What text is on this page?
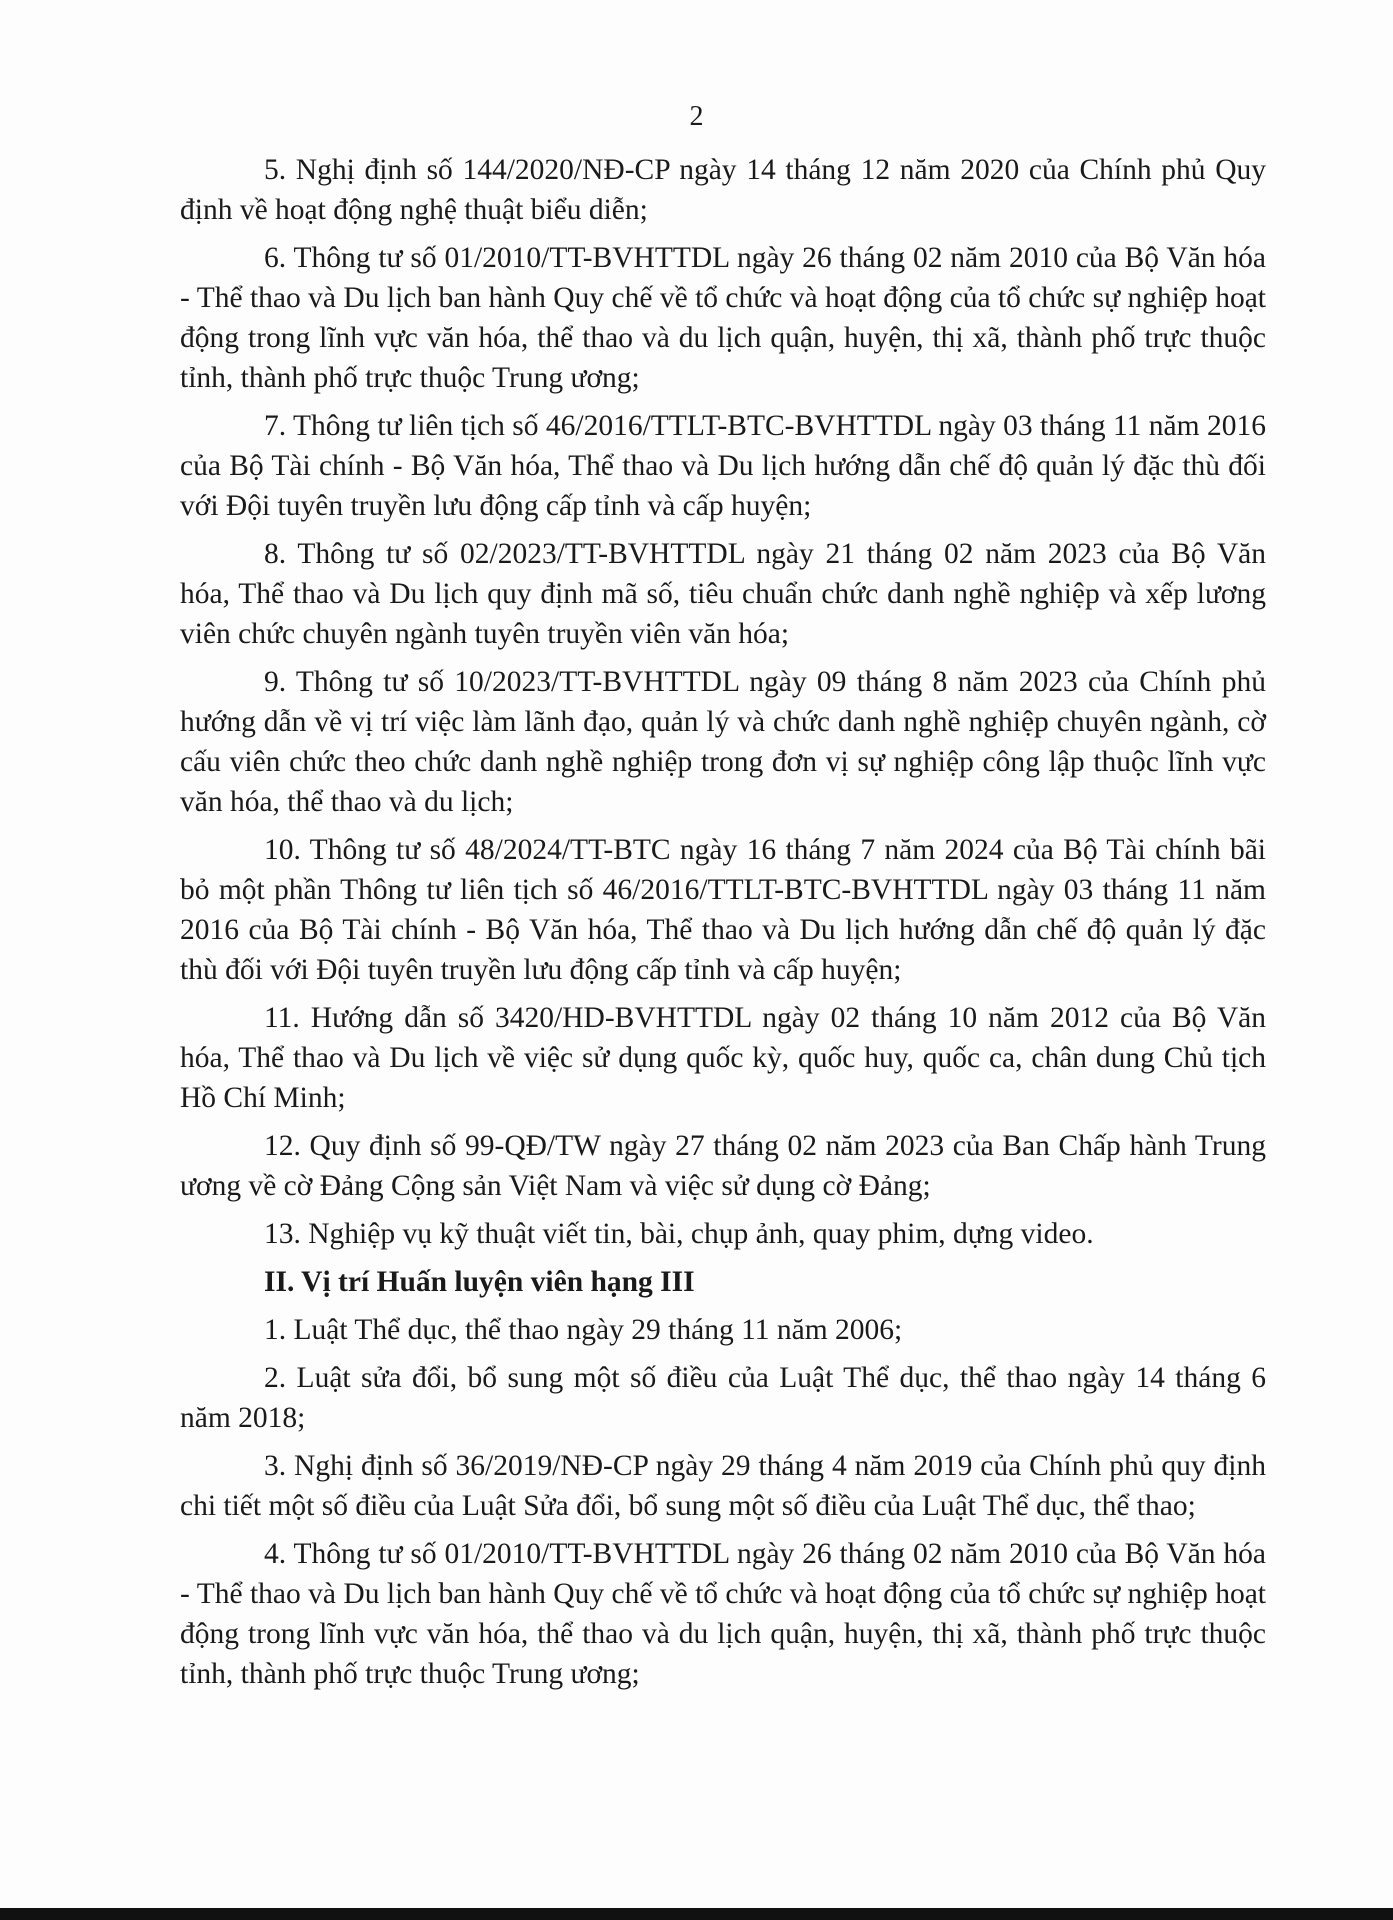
2

5. Nghị định số 144/2020/NĐ-CP ngày 14 tháng 12 năm 2020 của Chính phủ Quy định về hoạt động nghệ thuật biểu diễn;

6. Thông tư số 01/2010/TT-BVHTTDL ngày 26 tháng 02 năm 2010 của Bộ Văn hóa - Thể thao và Du lịch ban hành Quy chế về tổ chức và hoạt động của tổ chức sự nghiệp hoạt động trong lĩnh vực văn hóa, thể thao và du lịch quận, huyện, thị xã, thành phố trực thuộc tỉnh, thành phố trực thuộc Trung ương;

7. Thông tư liên tịch số 46/2016/TTLT-BTC-BVHTTDL ngày 03 tháng 11 năm 2016 của Bộ Tài chính - Bộ Văn hóa, Thể thao và Du lịch hướng dẫn chế độ quản lý đặc thù đối với Đội tuyên truyền lưu động cấp tỉnh và cấp huyện;

8. Thông tư số 02/2023/TT-BVHTTDL ngày 21 tháng 02 năm 2023 của Bộ Văn hóa, Thể thao và Du lịch quy định mã số, tiêu chuẩn chức danh nghề nghiệp và xếp lương viên chức chuyên ngành tuyên truyền viên văn hóa;

9. Thông tư số 10/2023/TT-BVHTTDL ngày 09 tháng 8 năm 2023 của Chính phủ hướng dẫn về vị trí việc làm lãnh đạo, quản lý và chức danh nghề nghiệp chuyên ngành, cờ cấu viên chức theo chức danh nghề nghiệp trong đơn vị sự nghiệp công lập thuộc lĩnh vực văn hóa, thể thao và du lịch;

10. Thông tư số 48/2024/TT-BTC ngày 16 tháng 7 năm 2024 của Bộ Tài chính bãi bỏ một phần Thông tư liên tịch số 46/2016/TTLT-BTC-BVHTTDL ngày 03 tháng 11 năm 2016 của Bộ Tài chính - Bộ Văn hóa, Thể thao và Du lịch hướng dẫn chế độ quản lý đặc thù đối với Đội tuyên truyền lưu động cấp tỉnh và cấp huyện;

11. Hướng dẫn số 3420/HD-BVHTTDL ngày 02 tháng 10 năm 2012 của Bộ Văn hóa, Thể thao và Du lịch về việc sử dụng quốc kỳ, quốc huy, quốc ca, chân dung Chủ tịch Hồ Chí Minh;

12. Quy định số 99-QĐ/TW ngày 27 tháng 02 năm 2023 của Ban Chấp hành Trung ương về cờ Đảng Cộng sản Việt Nam và việc sử dụng cờ Đảng;

13. Nghiệp vụ kỹ thuật viết tin, bài, chụp ảnh, quay phim, dựng video.

II. Vị trí Huấn luyện viên hạng III

1. Luật Thể dục, thể thao ngày 29 tháng 11 năm 2006;

2. Luật sửa đổi, bổ sung một số điều của Luật Thể dục, thể thao ngày 14 tháng 6 năm 2018;

3. Nghị định số 36/2019/NĐ-CP ngày 29 tháng 4 năm 2019 của Chính phủ quy định chi tiết một số điều của Luật Sửa đổi, bổ sung một số điều của Luật Thể dục, thể thao;

4. Thông tư số 01/2010/TT-BVHTTDL ngày 26 tháng 02 năm 2010 của Bộ Văn hóa - Thể thao và Du lịch ban hành Quy chế về tổ chức và hoạt động của tổ chức sự nghiệp hoạt động trong lĩnh vực văn hóa, thể thao và du lịch quận, huyện, thị xã, thành phố trực thuộc tỉnh, thành phố trực thuộc Trung ương;
